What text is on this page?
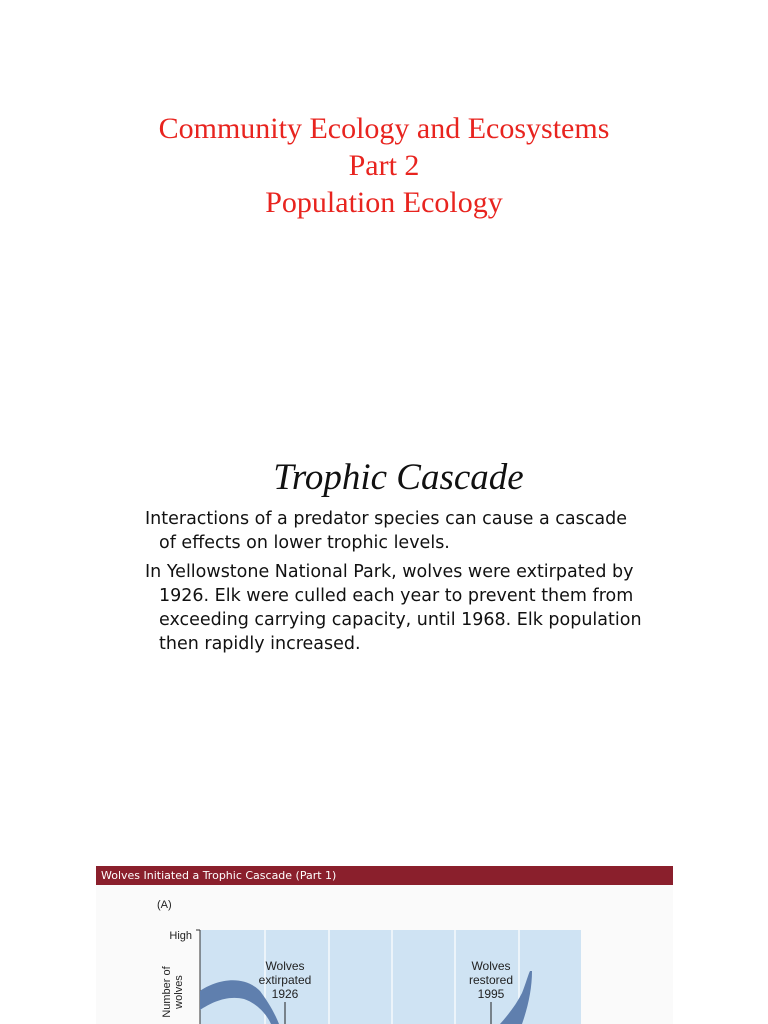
Community Ecology and Ecosystems
Part 2
Population Ecology
Trophic Cascade
Interactions of a predator species can cause a cascade of effects on lower trophic levels.
In Yellowstone National Park, wolves were extirpated by 1926. Elk were culled each year to prevent them from exceeding carrying capacity, until 1968. Elk population then rapidly increased.
Wolves Initiated a Trophic Cascade (Part 1)
(A)
High
Number of wolves
Wolves
extirpated
1926
Wolves
restored
1995
